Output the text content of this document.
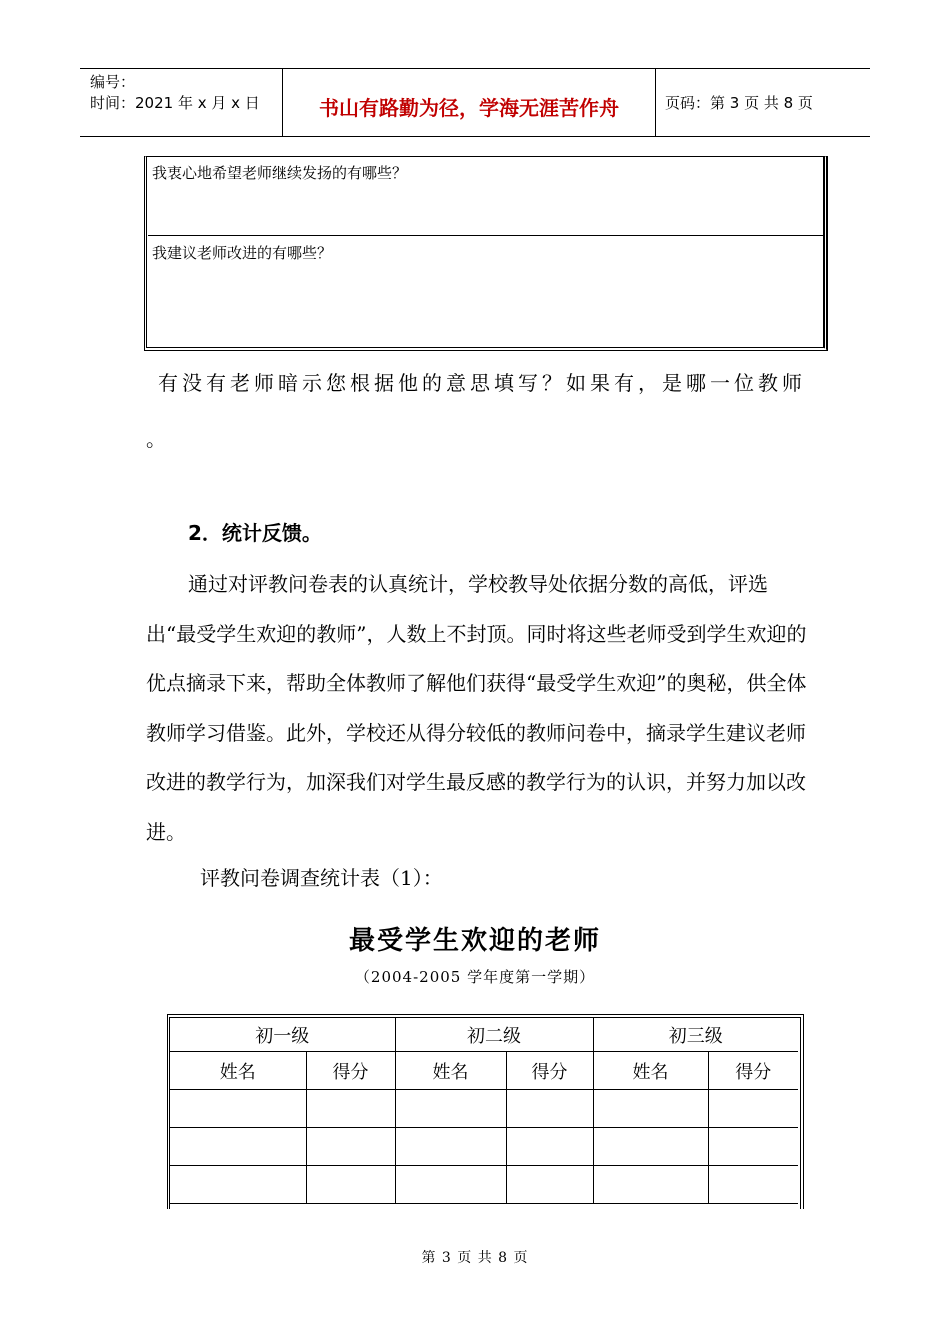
编号：
时间：2021 年 x 月 x 日	书山有路勤为径，学海无涯苦作舟	页码：第 3 页 共 8 页
我衷心地希望老师继续发扬的有哪些？
我建议老师改进的有哪些？
有没有老师暗示您根据他的意思填写？如果有，是哪一位教师
。
2．统计反馈。
通过对评教问卷表的认真统计，学校教导处依据分数的高低，评选出“最受学生欢迎的教师”，人数上不封顶。同时将这些老师受到学生欢迎的优点摘录下来，帮助全体教师了解他们获得“最受学生欢迎”的奥秘，供全体教师学习借鉴。此外，学校还从得分较低的教师问卷中，摘录学生建议老师改进的教学行为，加深我们对学生最反感的教学行为的认识，并努力加以改进。
评教问卷调查统计表（1）：
最受学生欢迎的老师
（2004-2005 学年度第一学期）
初一级		初二级		初三级	
姓名	得分	姓名	得分	姓名	得分

第 3 页 共 8 页
